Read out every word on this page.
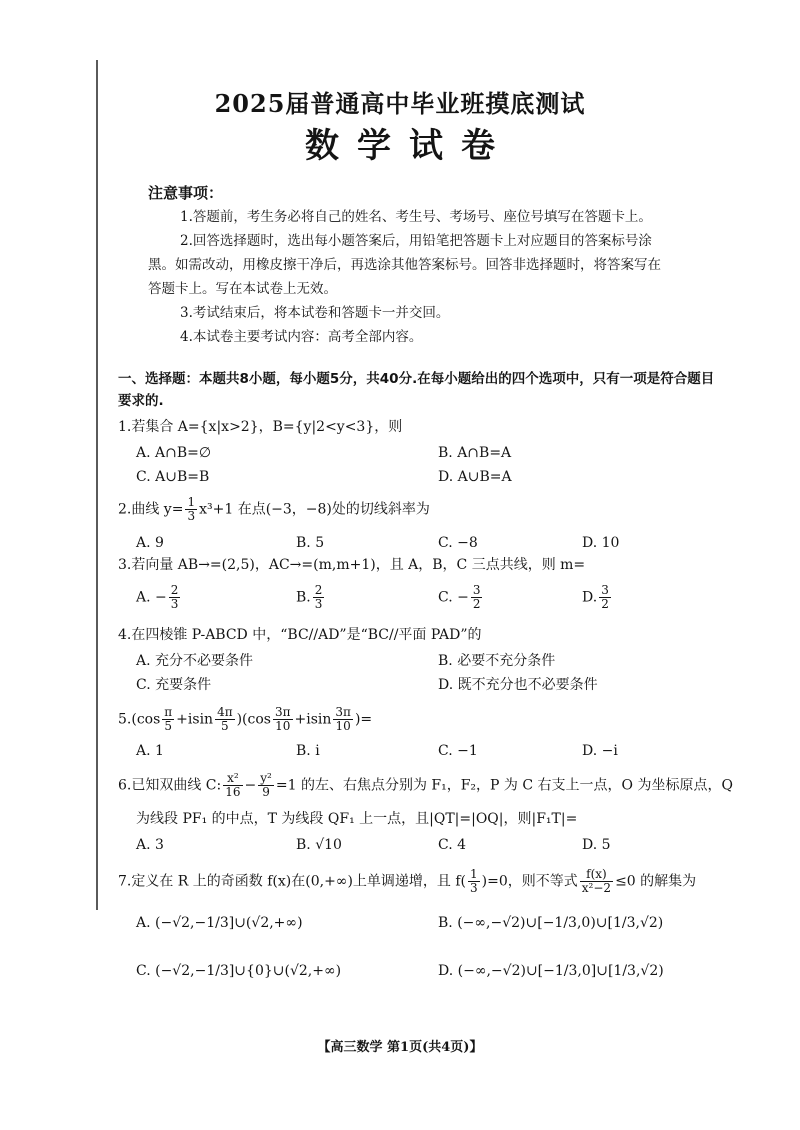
2025届普通高中毕业班摸底测试
数学试卷
注意事项：
1.答题前，考生务必将自己的姓名、考生号、考场号、座位号填写在答题卡上。
2.回答选择题时，选出每小题答案后，用铅笔把答题卡上对应题目的答案标号涂
黑。如需改动，用橡皮擦干净后，再选涂其他答案标号。回答非选择题时，将答案写在
答题卡上。写在本试卷上无效。
3.考试结束后，将本试卷和答题卡一并交回。
4.本试卷主要考试内容：高考全部内容。
一、选择题：本题共8小题，每小题5分，共40分.在每小题给出的四个选项中，只有一项是符合题目要求的.
1.若集合 A={x|x>2}，B={y|2<y<3}，则
A. A∩B=∅	B. A∩B=A
C. A∪B=B	D. A∪B=A
2.曲线 $y= \frac{1}{3} x^3+1$ 在点(−3，−8)处的切线斜率为
A. 9	B. 5	C. −8	D. 10
3.若向量 AB→=(2,5)，AC→=(m,m+1)，且 A，B，C 三点共线，则 m=
A. − $\frac{2}{3}$	B. $\frac{2}{3}$	C. − $\frac{3}{2}$	D. $\frac{3}{2}$
4.在四棱锥 P-ABCD 中，“BC//AD”是“BC//平面 PAD”的
A. 充分不必要条件	B. 必要不充分条件
C. 充要条件	D. 既不充分也不必要条件
$5.(\cos \frac{\pi}{5} +isin \frac{4\pi}{5} )(\cos \frac{3\pi}{10} +isin \frac{3\pi}{10}$ )=
A. 1	B. i	C. −1	D. −i
6.已知双曲线 C: $\frac{\text{x²}}{16} - \frac{\text{y²}}{9} =1$ 的左、右焦点分别为 F₁，F₂，P 为 C 右支上一点，O 为坐标原点，Q
为线段 PF₁ 的中点，T 为线段 QF₁ 上一点，且|QT|=|OQ|，则|F₁T|=
A. 3	B. √10	C. 4	D. 5
7.定义在 R 上的奇函数 f(x)在(0,+∞)上单调递增，且 $f( \frac{1}{3} )=0$，则不等式 $\frac{f(x)}{\text{x²−2}} \le 0$ 的解集为
A. (−√2,−1/3]∪(√2,+∞)	B. (−∞,−√2)∪[−1/3,0)∪[1/3,√2)
C. (−√2,−1/3]∪{0}∪(√2,+∞)	D. (−∞,−√2)∪[−1/3,0]∪[1/3,√2)
【高三数学 第1页(共4页)】
